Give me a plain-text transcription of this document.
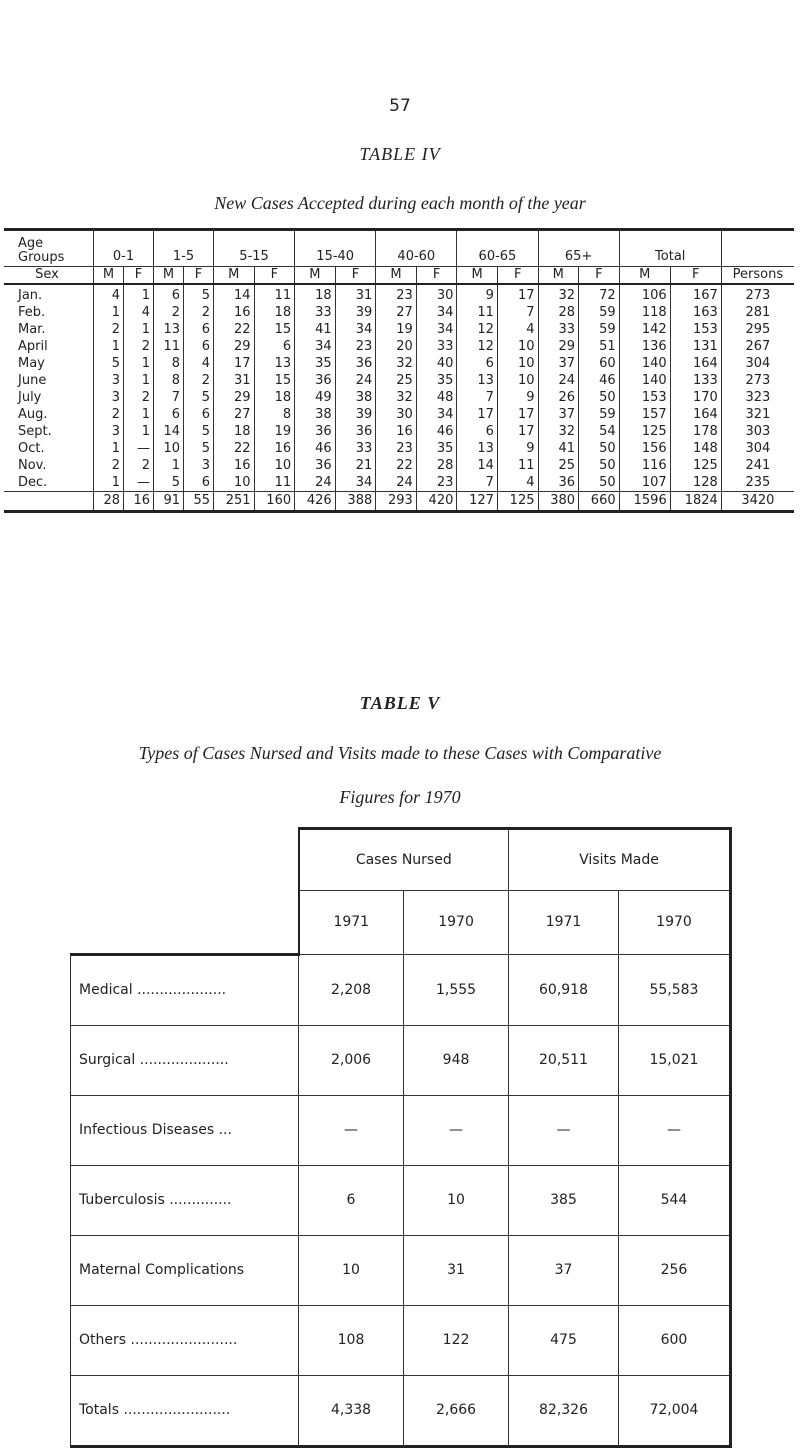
57
TABLE IV
New Cases Accepted during each month of the year
Age Groups	0-1		1-5		5-15		15-40		40-60		60-65		65+		Total		
Sex	M	F	M	F	M	F	M	F	M	F	M	F	M	F	M	F	Persons
Jan.	4	1	6	5	14	11	18	31	23	30	9	17	32	72	106	167	273
Feb.	1	4	2	2	16	18	33	39	27	34	11	7	28	59	118	163	281
Mar.	2	1	13	6	22	15	41	34	19	34	12	4	33	59	142	153	295
April	1	2	11	6	29	6	34	23	20	33	12	10	29	51	136	131	267
May	5	1	8	4	17	13	35	36	32	40	6	10	37	60	140	164	304
June	3	1	8	2	31	15	36	24	25	35	13	10	24	46	140	133	273
July	3	2	7	5	29	18	49	38	32	48	7	9	26	50	153	170	323
Aug.	2	1	6	6	27	8	38	39	30	34	17	17	37	59	157	164	321
Sept.	3	1	14	5	18	19	36	36	16	46	6	17	32	54	125	178	303
Oct.	1	—	10	5	22	16	46	33	23	35	13	9	41	50	156	148	304
Nov.	2	2	1	3	16	10	36	21	22	28	14	11	25	50	116	125	241
Dec.	1	—	5	6	10	11	24	34	24	23	7	4	36	50	107	128	235
	28	16	91	55	251	160	426	388	293	420	127	125	380	660	1596	1824	3420
TABLE V
Types of Cases Nursed and Visits made to these Cases with Comparative
Figures for 1970
	Cases Nursed		Visits Made	
	1971	1970	1971	1970
Medical ....................	2,208	1,555	60,918	55,583
Surgical ....................	2,006	948	20,511	15,021
Infectious Diseases ...	—	—	—	—
Tuberculosis ..............	6	10	385	544
Maternal Complications	10	31	37	256
Others ........................	108	122	475	600
Totals ........................	4,338	2,666	82,326	72,004
